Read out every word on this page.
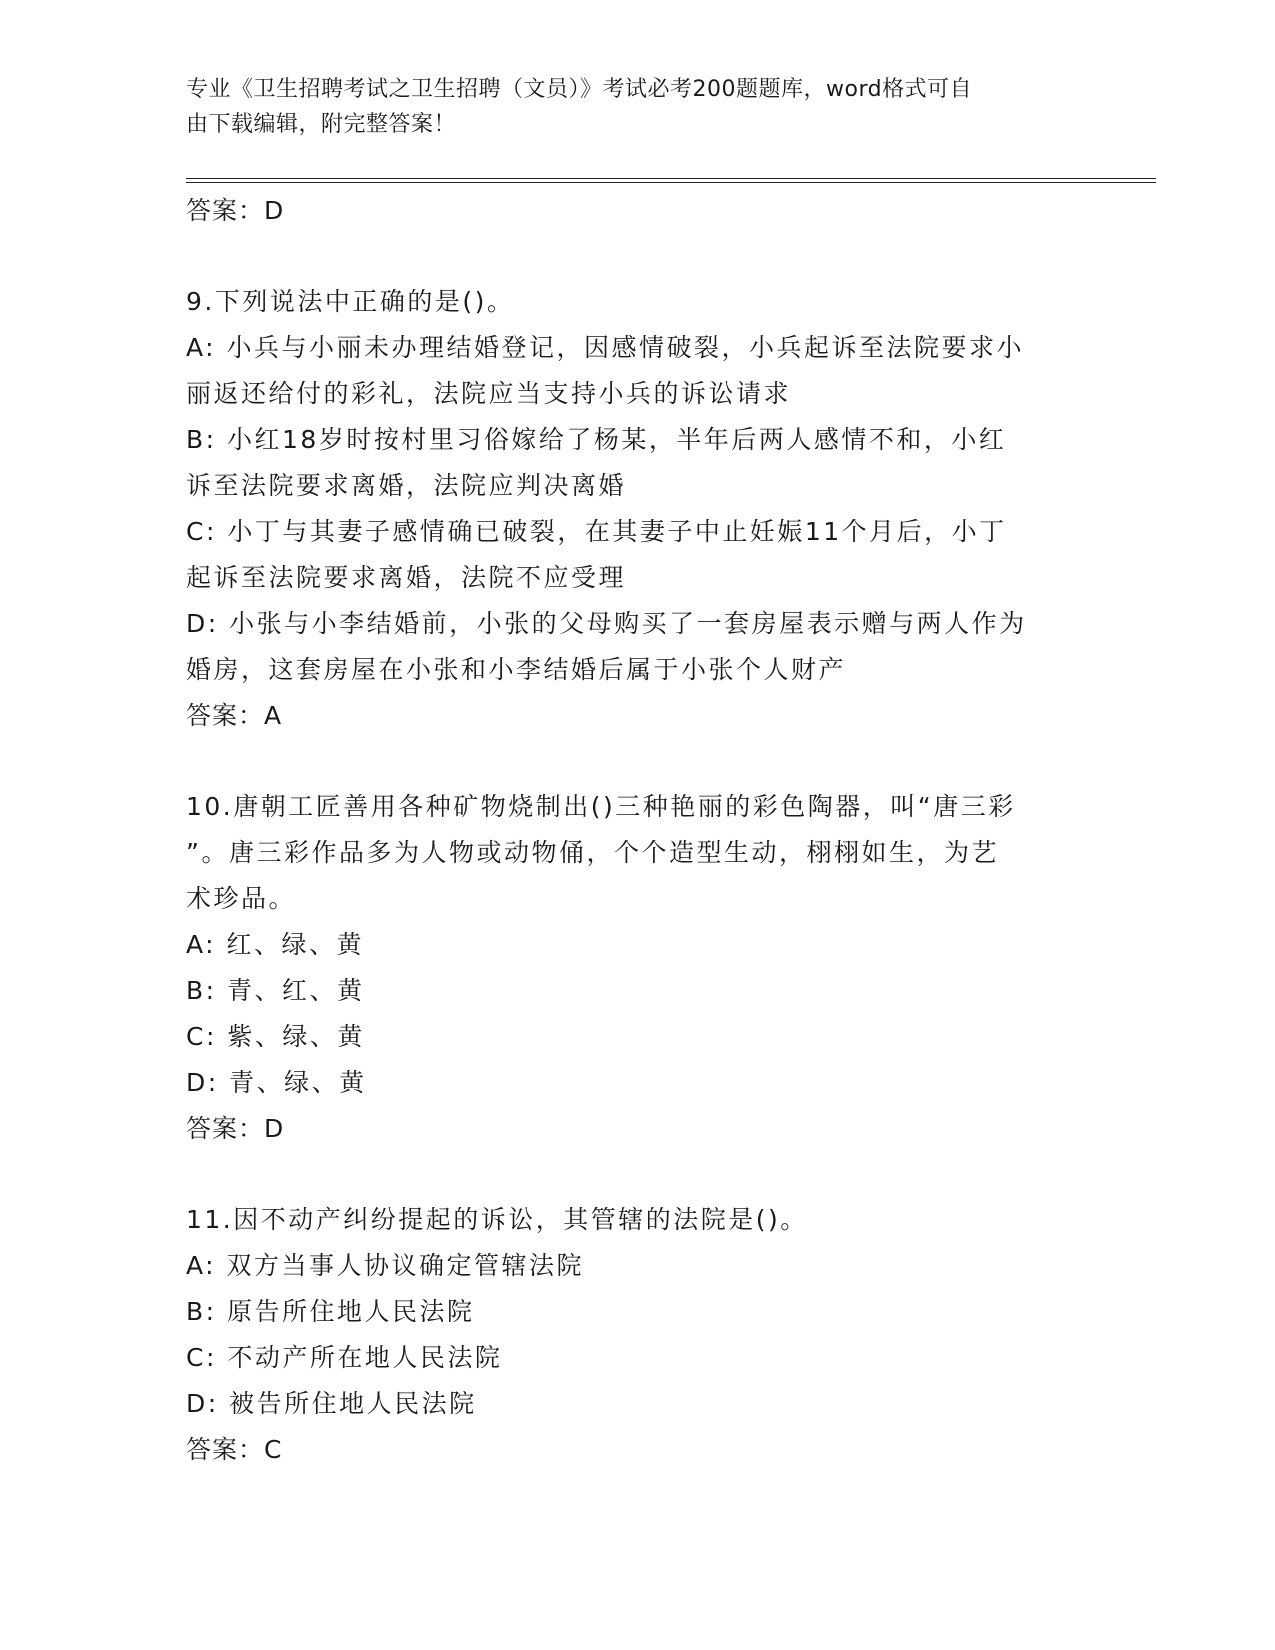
专业《卫生招聘考试之卫生招聘（文员）》考试必考200题题库，word格式可自
由下载编辑，附完整答案！
答案：D
9.下列说法中正确的是()。
A: 小兵与小丽未办理结婚登记，因感情破裂，小兵起诉至法院要求小
丽返还给付的彩礼，法院应当支持小兵的诉讼请求
B: 小红18岁时按村里习俗嫁给了杨某，半年后两人感情不和，小红
诉至法院要求离婚，法院应判决离婚
C: 小丁与其妻子感情确已破裂，在其妻子中止妊娠11个月后，小丁
起诉至法院要求离婚，法院不应受理
D: 小张与小李结婚前，小张的父母购买了一套房屋表示赠与两人作为
婚房，这套房屋在小张和小李结婚后属于小张个人财产
答案：A
10.唐朝工匠善用各种矿物烧制出()三种艳丽的彩色陶器，叫“唐三彩
”。唐三彩作品多为人物或动物俑，个个造型生动，栩栩如生，为艺
术珍品。
A: 红、绿、黄
B: 青、红、黄
C: 紫、绿、黄
D: 青、绿、黄
答案：D
11.因不动产纠纷提起的诉讼，其管辖的法院是()。
A: 双方当事人协议确定管辖法院
B: 原告所住地人民法院
C: 不动产所在地人民法院
D: 被告所住地人民法院
答案：C
